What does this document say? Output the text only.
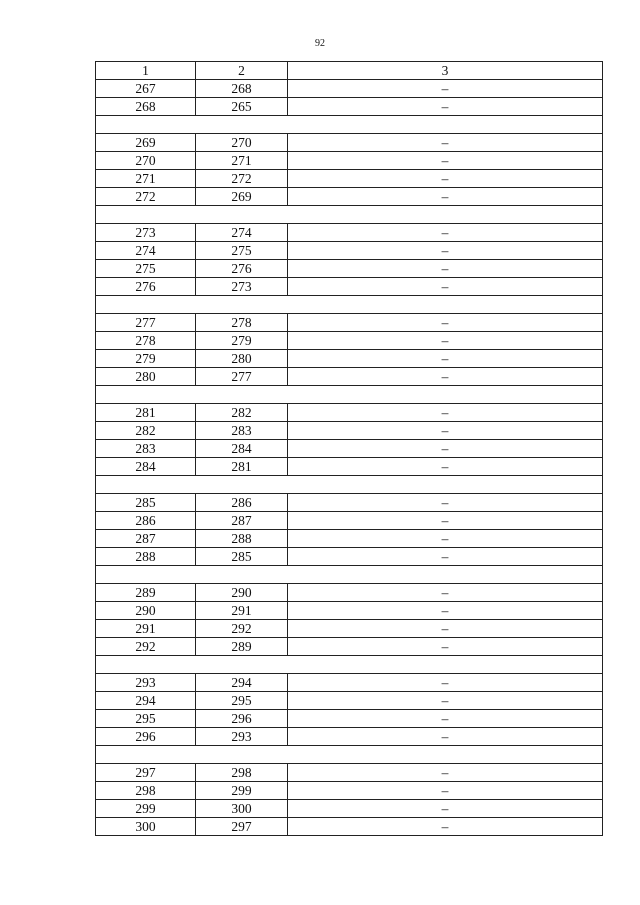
92
1	2	3
267	268	–
268	265	–

269	270	–
270	271	–
271	272	–
272	269	–

273	274	–
274	275	–
275	276	–
276	273	–

277	278	–
278	279	–
279	280	–
280	277	–

281	282	–
282	283	–
283	284	–
284	281	–

285	286	–
286	287	–
287	288	–
288	285	–

289	290	–
290	291	–
291	292	–
292	289	–

293	294	–
294	295	–
295	296	–
296	293	–

297	298	–
298	299	–
299	300	–
300	297	–
